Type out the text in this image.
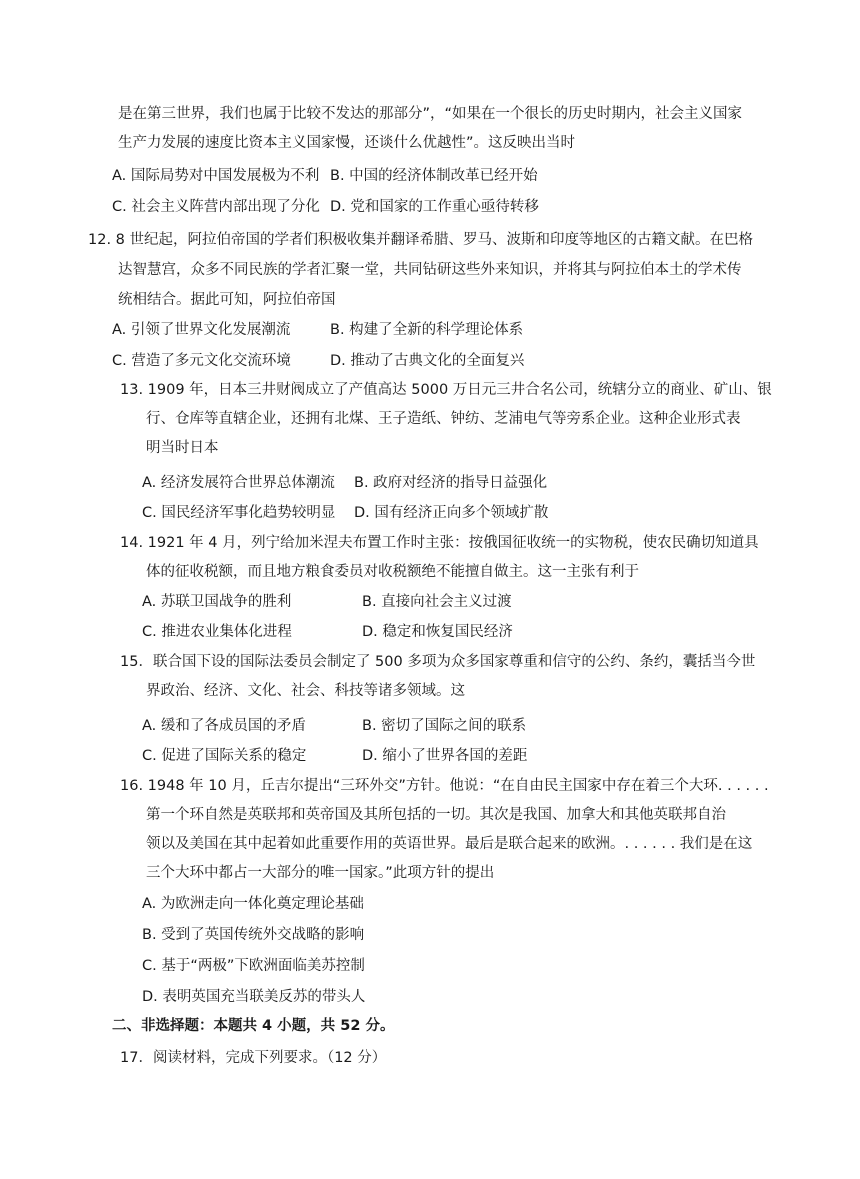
是在第三世界，我们也属于比较不发达的那部分”，“如果在一个很长的历史时期内，社会主义国家
生产力发展的速度比资本主义国家慢，还谈什么优越性”。这反映出当时
A. 国际局势对中国发展极为不利 B. 中国的经济体制改革已经开始
C. 社会主义阵营内部出现了分化 D. 党和国家的工作重心亟待转移
12. 8 世纪起，阿拉伯帝国的学者们积极收集并翻译希腊、罗马、波斯和印度等地区的古籍文献。在巴格
达智慧宫，众多不同民族的学者汇聚一堂，共同钻研这些外来知识，并将其与阿拉伯本土的学术传
统相结合。据此可知，阿拉伯帝国
A. 引领了世界文化发展潮流	B. 构建了全新的科学理论体系
C. 营造了多元文化交流环境	D. 推动了古典文化的全面复兴
13. 1909 年，日本三井财阀成立了产值高达 5000 万日元三井合名公司，统辖分立的商业、矿山、银
行、仓库等直辖企业，还拥有北煤、王子造纸、钟纺、芝浦电气等旁系企业。这种企业形式表
明当时日本
A. 经济发展符合世界总体潮流 B. 政府对经济的指导日益强化
C. 国民经济军事化趋势较明显 D. 国有经济正向多个领域扩散
14. 1921 年 4 月，列宁给加米涅夫布置工作时主张：按俄国征收统一的实物税，使农民确切知道具
体的征收税额，而且地方粮食委员对收税额绝不能擅自做主。这一主张有利于
A. 苏联卫国战争的胜利	B. 直接向社会主义过渡
C. 推进农业集体化进程	D. 稳定和恢复国民经济
15．联合国下设的国际法委员会制定了 500 多项为众多国家尊重和信守的公约、条约，囊括当今世
界政治、经济、文化、社会、科技等诸多领域。这
A. 缓和了各成员国的矛盾	B. 密切了国际之间的联系
C. 促进了国际关系的稳定	D. 缩小了世界各国的差距
16. 1948 年 10 月，丘吉尔提出“三环外交”方针。他说：“在自由民主国家中存在着三个大环. . . . . .
第一个环自然是英联邦和英帝国及其所包括的一切。其次是我国、加拿大和其他英联邦自治
领以及美国在其中起着如此重要作用的英语世界。最后是联合起来的欧洲。. . . . . . 我们是在这
三个大环中都占一大部分的唯一国家。”此项方针的提出
A. 为欧洲走向一体化奠定理论基础
B. 受到了英国传统外交战略的影响
C. 基于“两极”下欧洲面临美苏控制
D. 表明英国充当联美反苏的带头人
二、非选择题：本题共 4 小题，共 52 分。
17．阅读材料，完成下列要求。（12 分）
